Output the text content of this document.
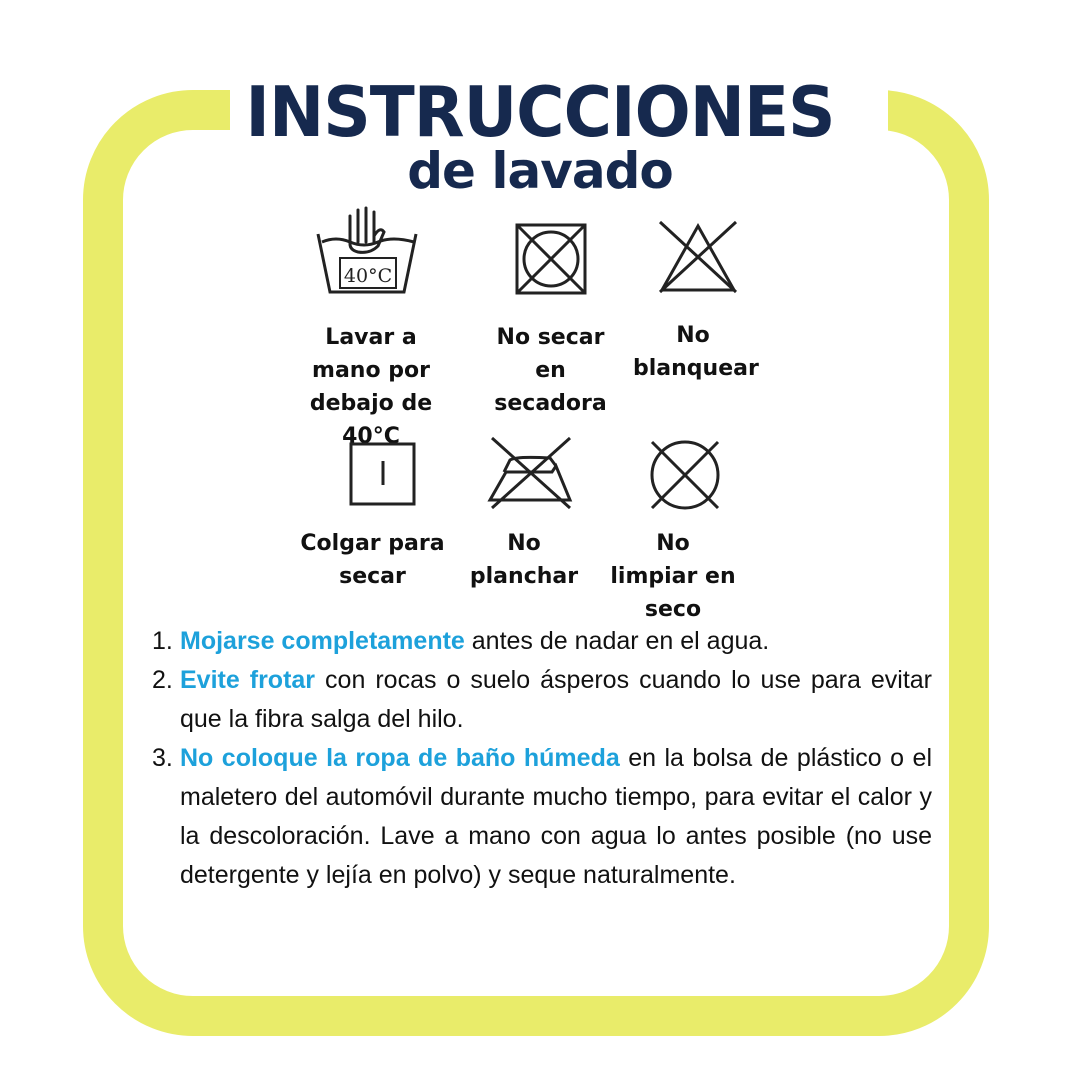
INSTRUCCIONES
de lavado
40°C
Lavar a mano por debajo de 40°C
No secar en secadora
No blanquear
Colgar para secar
No planchar
No limpiar en seco
1. Mojarse completamente antes de nadar en el agua.
2. Evite frotar con rocas o suelo ásperos cuando lo use para evitar que la fibra salga del hilo.
3. No coloque la ropa de baño húmeda en la bolsa de plástico o el maletero del automóvil durante mucho tiempo, para evitar el calor y la descoloración. Lave a mano con agua lo antes posible (no use detergente y lejía en polvo) y seque naturalmente.
